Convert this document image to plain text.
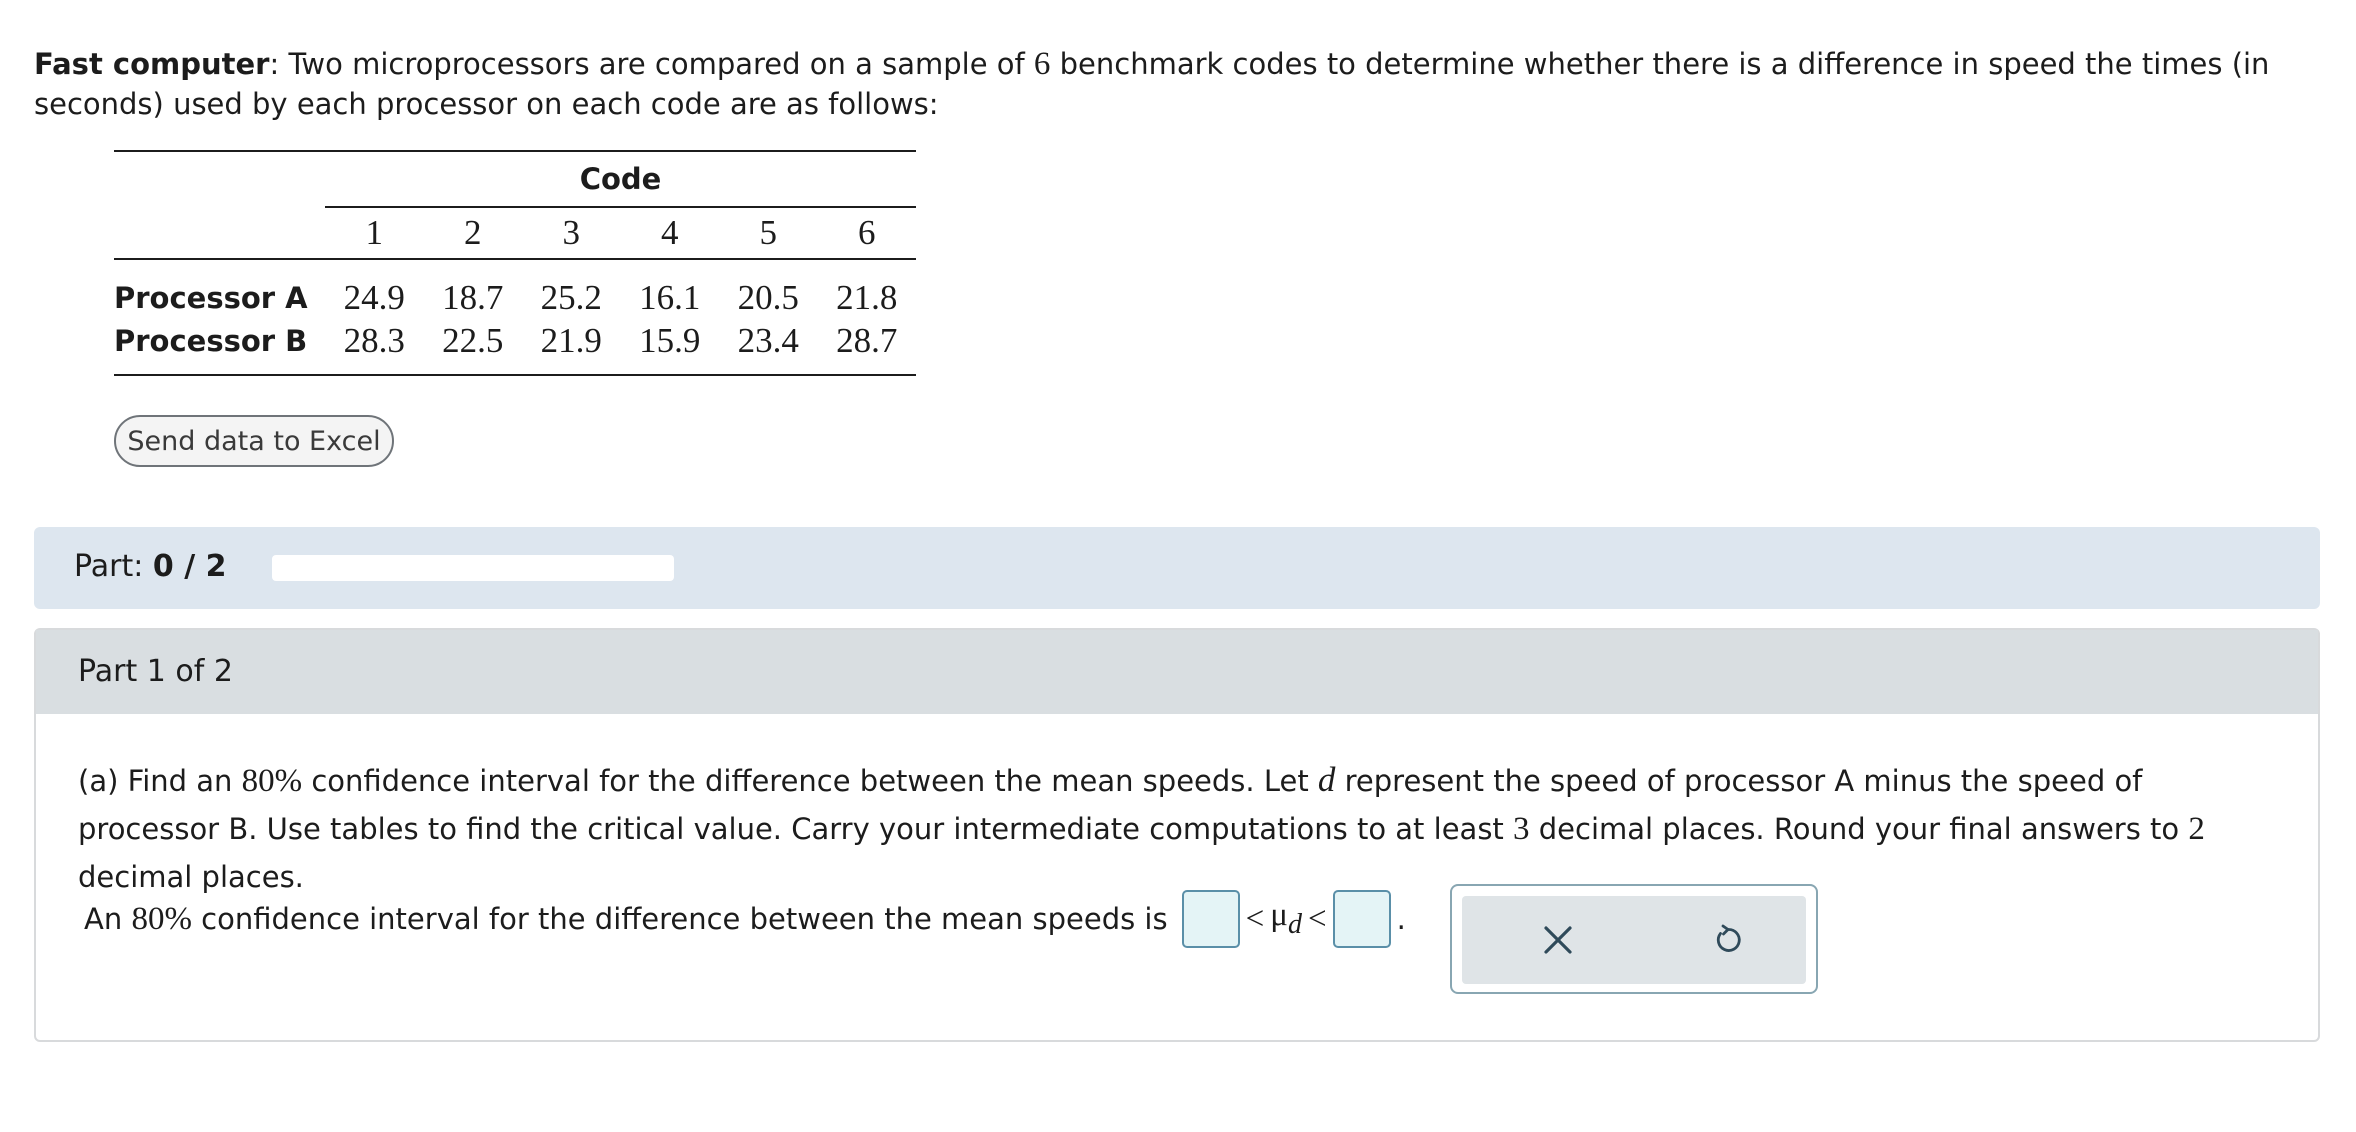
Fast computer: Two microprocessors are compared on a sample of 6 benchmark codes to determine whether there is a difference in speed the times (in seconds) used by each processor on each code are as follows:
	Code					
	1	2	3	4	5	6
Processor A	24.9	18.7	25.2	16.1	20.5	21.8
Processor B	28.3	22.5	21.9	15.9	23.4	28.7

Send data to Excel
Part: 0 / 2
Part 1 of 2
(a) Find an 80% confidence interval for the difference between the mean speeds. Let d represent the speed of processor A minus the speed of processor B. Use tables to find the critical value. Carry your intermediate computations to at least 3 decimal places. Round your final answers to 2 decimal places.
An
80%
confidence interval for the difference between the mean speeds is < $\mu_d$ < .
